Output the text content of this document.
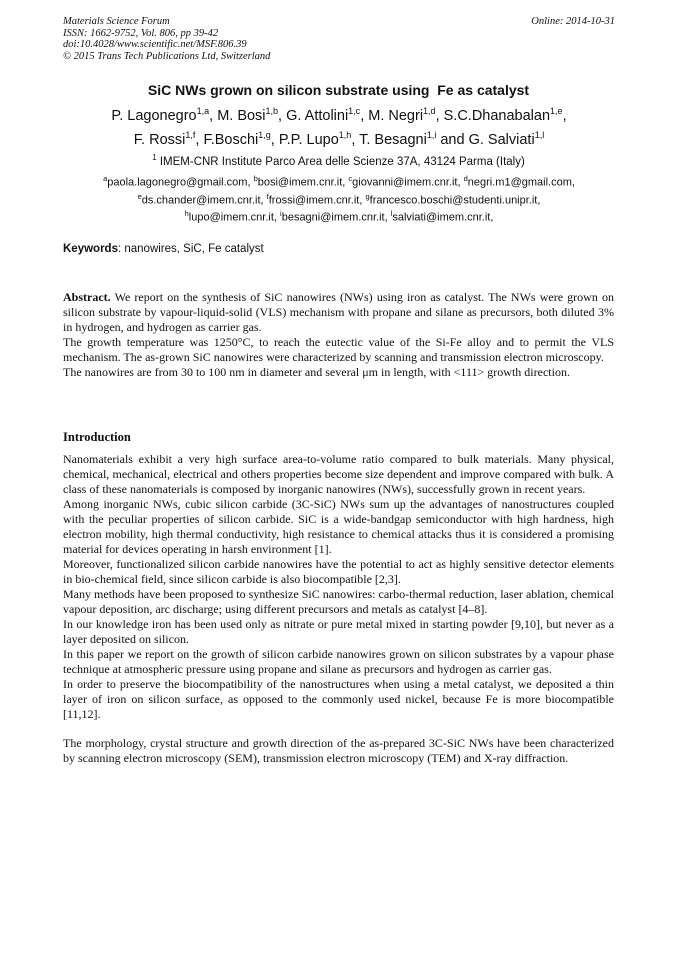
Materials Science Forum
ISSN: 1662-9752, Vol. 806, pp 39-42
doi:10.4028/www.scientific.net/MSF.806.39
© 2015 Trans Tech Publications Ltd, Switzerland
Online: 2014-10-31
SiC NWs grown on silicon substrate using  Fe as catalyst
P. Lagonegro$^{1,a}$, M. Bosi$^{1,b}$, G. Attolini$^{1,c}$, M. Negri$^{1,d}$, S.C.Dhanabalan$^{1,e}$,
F. Rossi$^{1,f}$, F.Boschi$^{1,g}$, P.P. Lupo$^{1,h}$, T. Besagni$^{1,i}$ and G. Salviati$^{1,l}$
$^1$ IMEM-CNR Institute Parco Area delle Scienze 37A, 43124 Parma (Italy)
$^a$paola.lagonegro@gmail.com, $^b$bosi@imem.cnr.it, $^c$giovanni@imem.cnr.it, $^d$negri.m1@gmail.com,
$^e$ds.chander@imem.cnr.it, $^f$frossi@imem.cnr.it, $^g$francesco.boschi@studenti.unipr.it,
$^h$lupo@imem.cnr.it, $^i$besagni@imem.cnr.it, $^l$salviati@imem.cnr.it,
Keywords: nanowires, SiC, Fe catalyst

Abstract. We report on the synthesis of SiC nanowires (NWs) using iron as catalyst. The NWs were grown on silicon substrate by vapour-liquid-solid (VLS) mechanism with propane and silane as precursors, both diluted 3% in hydrogen, and hydrogen as carrier gas.

The growth temperature was 1250°C, to reach the eutectic value of the Si-Fe alloy and to permit the VLS mechanism. The as-grown SiC nanowires were characterized by scanning and transmission electron microscopy.

The nanowires are from 30 to 100 nm in diameter and several μm in length, with <111> growth direction.

Introduction

Nanomaterials exhibit a very high surface area-to-volume ratio compared to bulk materials. Many physical, chemical, mechanical, electrical and others properties become size dependent and improve compared with bulk. A class of these nanomaterials is composed by inorganic nanowires (NWs), successfully grown in recent years.

Among inorganic NWs, cubic silicon carbide (3C-SiC) NWs sum up the advantages of nanostructures coupled with the peculiar properties of silicon carbide. SiC is a wide-bandgap semiconductor with high hardness, high electron mobility, high thermal conductivity, high resistance to chemical attacks thus it is considered a promising material for devices operating in harsh environment [1].

Moreover, functionalized silicon carbide nanowires have the potential to act as highly sensitive detector elements in bio-chemical field, since silicon carbide is also biocompatible [2,3].

Many methods have been proposed to synthesize SiC nanowires: carbo-thermal reduction, laser ablation, chemical vapour deposition, arc discharge; using different precursors and metals as catalyst [4–8].

In our knowledge iron has been used only as nitrate or pure metal mixed in starting powder [9,10], but never as a layer deposited on silicon.

In this paper we report on the growth of silicon carbide nanowires grown on silicon substrates by a vapour phase technique at atmospheric pressure using propane and silane as precursors and hydrogen as carrier gas.

In order to preserve the biocompatibility of the nanostructures when using a metal catalyst, we deposited a thin layer of iron on silicon surface, as opposed to the commonly used nickel, because Fe is more biocompatible [11,12].

The morphology, crystal structure and growth direction of the as-prepared 3C-SiC NWs have been characterized by scanning electron microscopy (SEM), transmission electron microscopy (TEM) and X-ray diffraction.
